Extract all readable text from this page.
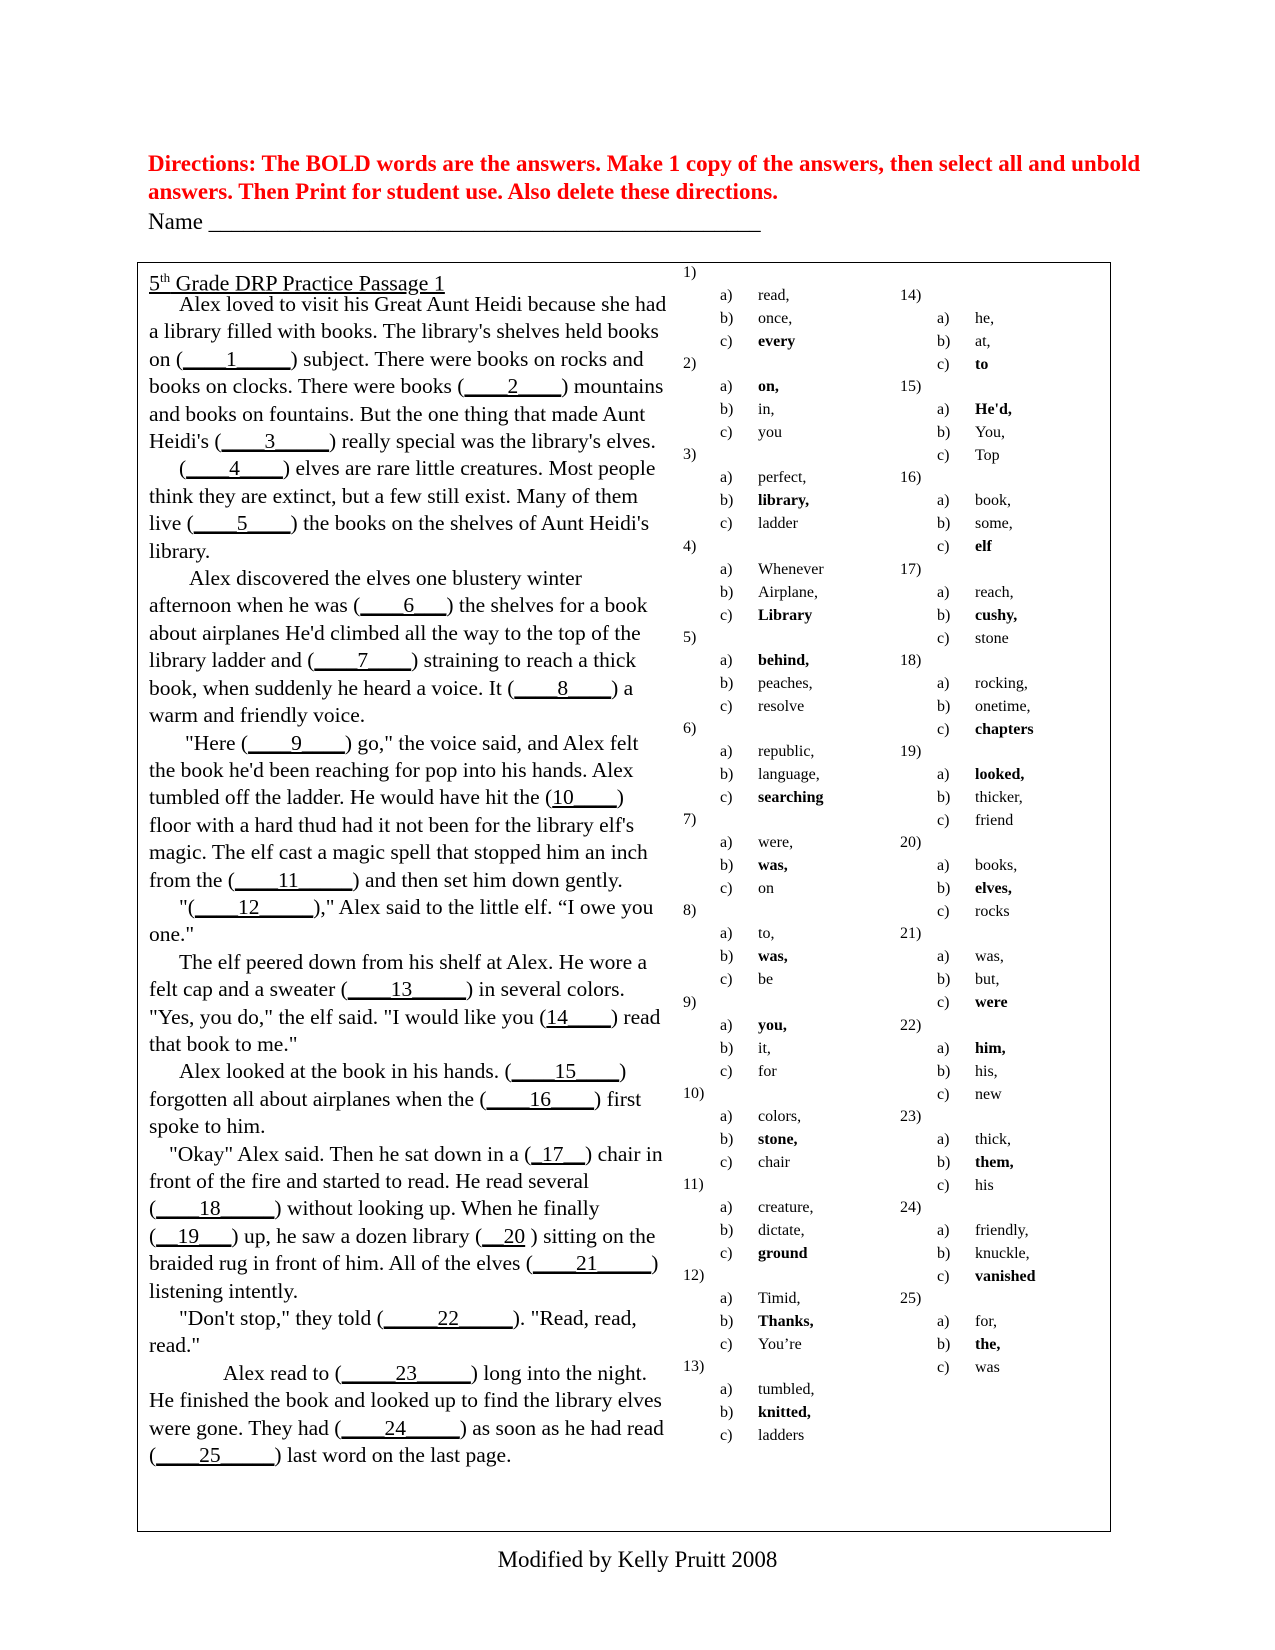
Directions: The BOLD words are the answers. Make 1 copy of the answers, then select all and unbold answers. Then Print for student use. Also delete these directions.

Name ________________________________________________
5th Grade DRP Practice Passage 1

Alex loved to visit his Great Aunt Heidi because she had a library filled with books. The library's shelves held books on (____1_____) subject. There were books on rocks and books on clocks. There were books (____2____) mountains and books on fountains. But the one thing that made Aunt Heidi's (____3_____) really special was the library's elves.

(____4____) elves are rare little creatures. Most people think they are extinct, but a few still exist. Many of them live (____5____) the books on the shelves of Aunt Heidi's library.

Alex discovered the elves one blustery winter afternoon when he was (____6___) the shelves for a book about airplanes He'd climbed all the way to the top of the library ladder and (____7____) straining to reach a thick book, when suddenly he heard a voice. It (____8____) a warm and friendly voice.

"Here (____9____) go," the voice said, and Alex felt the book he'd been reaching for pop into his hands. Alex tumbled off the ladder. He would have hit the (10____) floor with a hard thud had it not been for the library elf's magic. The elf cast a magic spell that stopped him an inch from the (____11_____) and then set him down gently.

"(____12_____)," Alex said to the little elf. “I owe you one."

The elf peered down from his shelf at Alex. He wore a felt cap and a sweater (____13_____) in several colors. "Yes, you do," the elf said. "I would like you (14____) read that book to me."

Alex looked at the book in his hands. (____15____) forgotten all about airplanes when the (____16____) first spoke to him.

"Okay" Alex said. Then he sat down in a (_17__) chair in front of the fire and started to read. He read several (____18_____) without looking up. When he finally (__19___) up, he saw a dozen library (__20 ) sitting on the braided rug in front of him. All of the elves (____21_____) listening intently.

"Don't stop," they told (_____22_____). "Read, read, read."

Alex read to (_____23_____) long into the night. He finished the book and looked up to find the library elves were gone. They had (____24_____) as soon as he had read (____25_____) last word on the last page.

Modified by Kelly Pruitt 2008
1)
a) read,
b) once,
c) every
2)
a) on,
b) in,
c) you
3)
a) perfect,
b) library,
c) ladder
4)
a) Whenever
b) Airplane,
c) Library
5)
a) behind,
b) peaches,
c) resolve
6)
a) republic,
b) language,
c) searching
7)
a) were,
b) was,
c) on
8)
a) to,
b) was,
c) be
9)
a) you,
b) it,
c) for
10)
a) colors,
b) stone,
c) chair
11)
a) creature,
b) dictate,
c) ground
12)
a) Timid,
b) Thanks,
c) You’re
13)
a) tumbled,
b) knitted,
c) ladders
14)
a) he,
b) at,
c) to
15)
a) He'd,
b) You,
c) Top
16)
a) book,
b) some,
c) elf
17)
a) reach,
b) cushy,
c) stone
18)
a) rocking,
b) onetime,
c) chapters
19)
a) looked,
b) thicker,
c) friend
20)
a) books,
b) elves,
c) rocks
21)
a) was,
b) but,
c) were
22)
a) him,
b) his,
c) new
23)
a) thick,
b) them,
c) his
24)
a) friendly,
b) knuckle,
c) vanished
25)
a) for,
b) the,
c) was
